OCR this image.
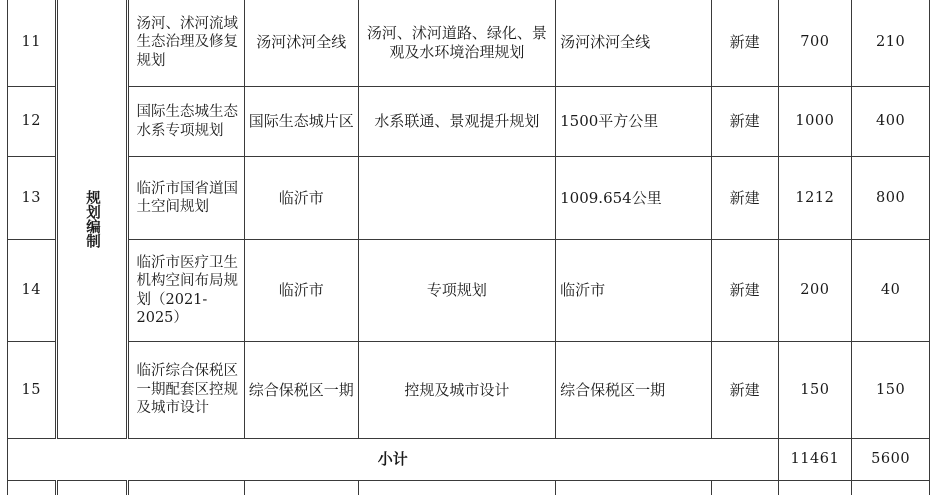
11	规划编制	汤河、沭河流域生态治理及修复规划	汤河沭河全线	汤河、沭河道路、绿化、景观及水环境治理规划	汤河沭河全线	新建	700	210
12		国际生态城生态水系专项规划	国际生态城片区	水系联通、景观提升规划	1500平方公里	新建	1000	400
13		临沂市国省道国土空间规划	临沂市		1009.654公里	新建	1212	800
14		临沂市医疗卫生机构空间布局规划（2021-2025）	临沂市	专项规划	临沂市	新建	200	40
15		临沂综合保税区一期配套区控规及城市设计	综合保税区一期	控规及城市设计	综合保税区一期	新建	150	150
小计							11461	5600
